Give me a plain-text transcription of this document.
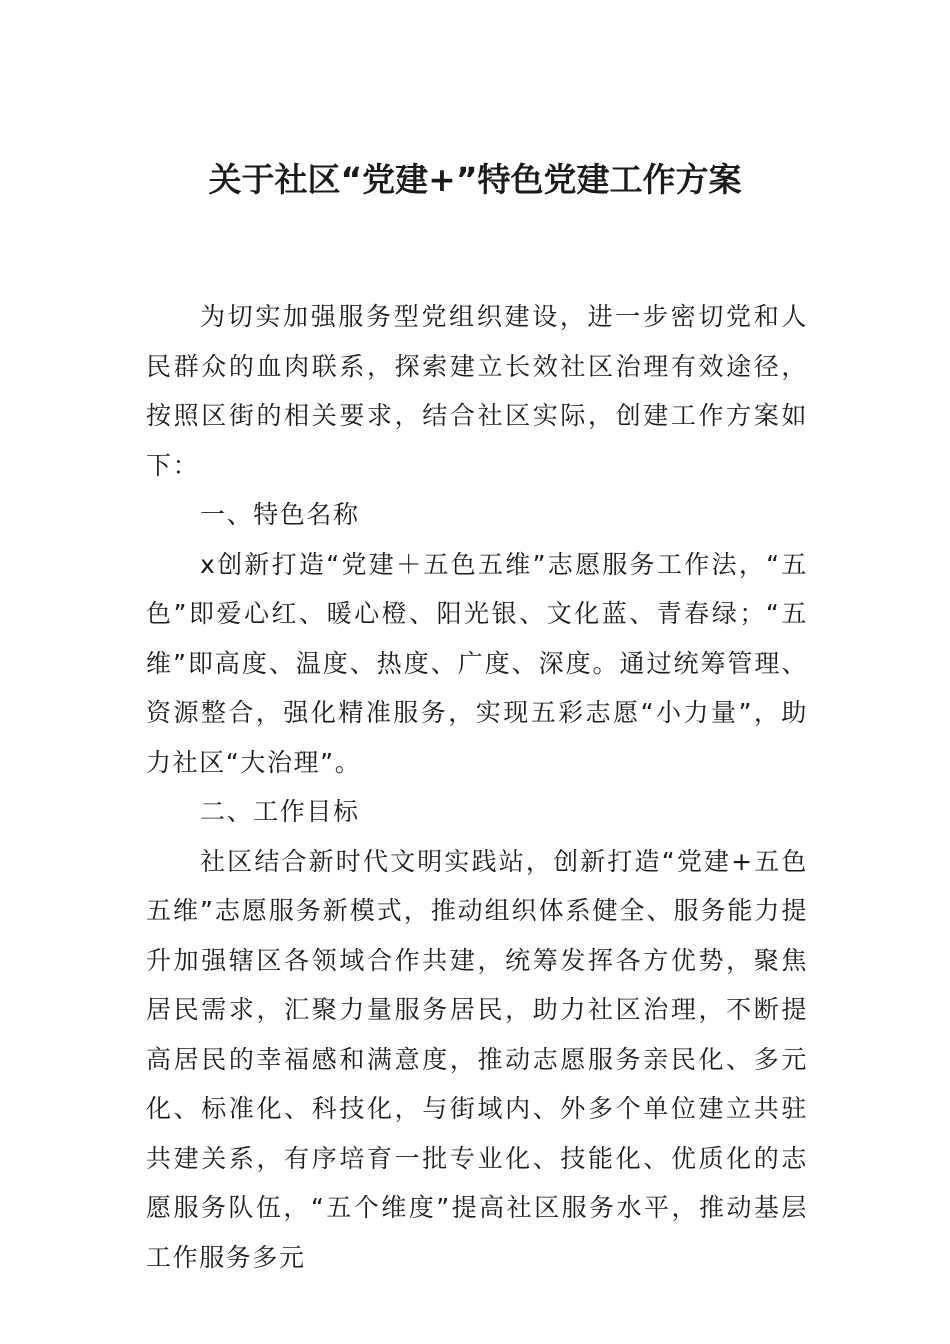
关于社区“党建+”特色党建工作方案

为切实加强服务型党组织建设，进一步密切党和人民群众的血肉联系，探索建立长效社区治理有效途径，按照区街的相关要求，结合社区实际，创建工作方案如下：

一、特色名称

x创新打造“党建＋五色五维”志愿服务工作法，“五色”即爱心红、暖心橙、阳光银、文化蓝、青春绿；“五维”即高度、温度、热度、广度、深度。通过统筹管理、资源整合，强化精准服务，实现五彩志愿“小力量”，助力社区“大治理”。

二、工作目标

社区结合新时代文明实践站，创新打造“党建+五色五维”志愿服务新模式，推动组织体系健全、服务能力提升加强辖区各领域合作共建，统筹发挥各方优势，聚焦居民需求，汇聚力量服务居民，助力社区治理，不断提高居民的幸福感和满意度，推动志愿服务亲民化、多元化、标准化、科技化，与街域内、外多个单位建立共驻共建关系，有序培育一批专业化、技能化、优质化的志愿服务队伍，“五个维度”提高社区服务水平，推动基层工作服务多元
